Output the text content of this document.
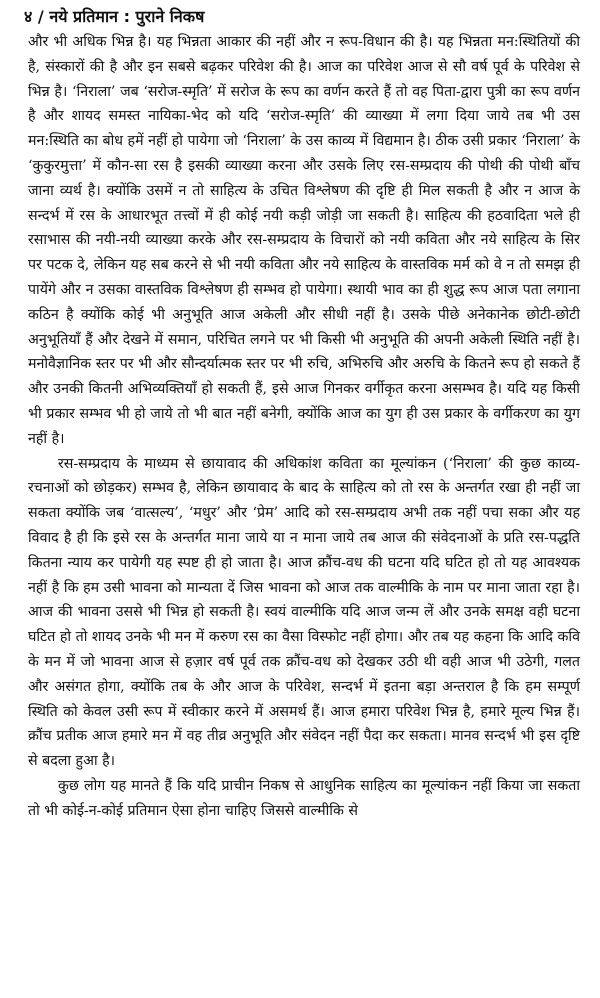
४ / नये प्रतिमान : पुराने निकष

और भी अधिक भिन्न है। यह भिन्नता आकार की नहीं और न रूप-विधान की है। यह भिन्नता मन:स्थितियों की है, संस्कारों की है और इन सबसे बढ़कर परिवेश की है। आज का परिवेश आज से सौ वर्ष पूर्व के परिवेश से भिन्न है। ‘निराला’ जब ‘सरोज-स्मृति’ में सरोज के रूप का वर्णन करते हैं तो वह पिता-द्वारा पुत्री का रूप वर्णन है और शायद समस्त नायिका-भेद को यदि ‘सरोज-स्मृति’ की व्याख्या में लगा दिया जाये तब भी उस मन:स्थिति का बोध हमें नहीं हो पायेगा जो ‘निराला’ के उस काव्य में विद्यमान है। ठीक उसी प्रकार ‘निराला’ के ‘कुकुरमुत्ता’ में कौन-सा रस है इसकी व्याख्या करना और उसके लिए रस-सम्प्रदाय की पोथी की पोथी बाँच जाना व्यर्थ है। क्योंकि उसमें न तो साहित्य के उचित विश्लेषण की दृष्टि ही मिल सकती है और न आज के सन्दर्भ में रस के आधारभूत तत्त्वों में ही कोई नयी कड़ी जोड़ी जा सकती है। साहित्य की हठवादिता भले ही रसाभास की नयी-नयी व्याख्या करके और रस-सम्प्रदाय के विचारों को नयी कविता और नये साहित्य के सिर पर पटक दे, लेकिन यह सब करने से भी नयी कविता और नये साहित्य के वास्तविक मर्म को वे न तो समझ ही पायेंगे और न उसका वास्तविक विश्लेषण ही सम्भव हो पायेगा। स्थायी भाव का ही शुद्ध रूप आज पता लगाना कठिन है क्योंकि कोई भी अनुभूति आज अकेली और सीधी नहीं है। उसके पीछे अनेकानेक छोटी-छोटी अनुभूतियाँ हैं और देखने में समान, परिचित लगने पर भी किसी भी अनुभूति की अपनी अकेली स्थिति नहीं है। मनोवैज्ञानिक स्तर पर भी और सौन्दर्यात्मक स्तर पर भी रुचि, अभिरुचि और अरुचि के कितने रूप हो सकते हैं और उनकी कितनी अभिव्यक्तियाँ हो सकती हैं, इसे आज गिनकर वर्गीकृत करना असम्भव है। यदि यह किसी भी प्रकार सम्भव भी हो जाये तो भी बात नहीं बनेगी, क्योंकि आज का युग ही उस प्रकार के वर्गीकरण का युग नहीं है।

रस-सम्प्रदाय के माध्यम से छायावाद की अधिकांश कविता का मूल्यांकन (‘निराला’ की कुछ काव्य-रचनाओं को छोड़कर) सम्भव है, लेकिन छायावाद के बाद के साहित्य को तो रस के अन्तर्गत रखा ही नहीं जा सकता क्योंकि जब ‘वात्सल्य’, ‘मधुर’ और ‘प्रेम’ आदि को रस-सम्प्रदाय अभी तक नहीं पचा सका और यह विवाद है ही कि इसे रस के अन्तर्गत माना जाये या न माना जाये तब आज की संवेदनाओं के प्रति रस-पद्धति कितना न्याय कर पायेगी यह स्पष्ट ही हो जाता है। आज क्रौंच-वध की घटना यदि घटित हो तो यह आवश्यक नहीं है कि हम उसी भावना को मान्यता दें जिस भावना को आज तक वाल्मीकि के नाम पर माना जाता रहा है। आज की भावना उससे भी भिन्न हो सकती है। स्वयं वाल्मीकि यदि आज जन्म लें और उनके समक्ष वही घटना घटित हो तो शायद उनके भी मन में करुण रस का वैसा विस्फोट नहीं होगा। और तब यह कहना कि आदि कवि के मन में जो भावना आज से हज़ार वर्ष पूर्व तक क्रौंच-वध को देखकर उठी थी वही आज भी उठेगी, गलत और असंगत होगा, क्योंकि तब के और आज के परिवेश, सन्दर्भ में इतना बड़ा अन्तराल है कि हम सम्पूर्ण स्थिति को केवल उसी रूप में स्वीकार करने में असमर्थ हैं। आज हमारा परिवेश भिन्न है, हमारे मूल्य भिन्न हैं। क्रौंच प्रतीक आज हमारे मन में वह तीव्र अनुभूति और संवेदन नहीं पैदा कर सकता। मानव सन्दर्भ भी इस दृष्टि से बदला हुआ है।

कुछ लोग यह मानते हैं कि यदि प्राचीन निकष से आधुनिक साहित्य का मूल्यांकन नहीं किया जा सकता तो भी कोई-न-कोई प्रतिमान ऐसा होना चाहिए जिससे वाल्मीकि से
